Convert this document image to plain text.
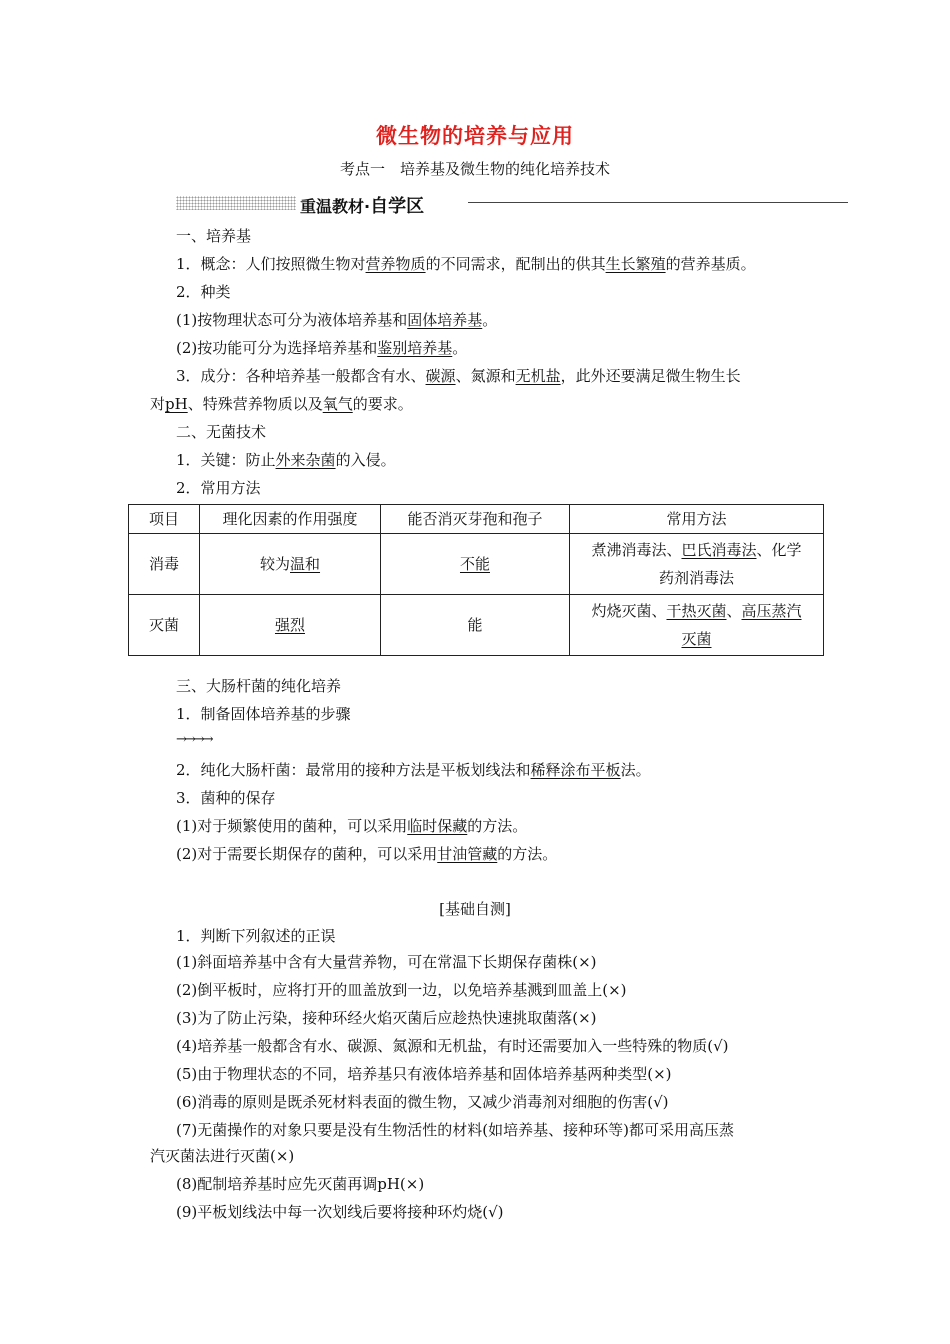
微生物的培养与应用
考点一　培养基及微生物的纯化培养技术
重温教材·自学区
一、培养基
1．概念：人们按照微生物对营养物质的不同需求，配制出的供其生长繁殖的营养基质。
2．种类
(1)按物理状态可分为液体培养基和固体培养基。
(2)按功能可分为选择培养基和鉴别培养基。
3．成分：各种培养基一般都含有水、碳源、氮源和无机盐，此外还要满足微生物生长
对pH、特殊营养物质以及氧气的要求。
二、无菌技术
1．关键：防止外来杂菌的入侵。
2．常用方法
项目	理化因素的作用强度	能否消灭芽孢和孢子	常用方法
消毒	较为温和	不能	煮沸消毒法、巴氏消毒法、化学
药剂消毒法
灭菌	强烈	能	灼烧灭菌、干热灭菌、高压蒸汽
灭菌
三、大肠杆菌的纯化培养
1．制备固体培养基的步骤
→→→→
2．纯化大肠杆菌：最常用的接种方法是平板划线法和稀释涂布平板法。
3．菌种的保存
(1)对于频繁使用的菌种，可以采用临时保藏的方法。
(2)对于需要长期保存的菌种，可以采用甘油管藏的方法。
[基础自测]
1．判断下列叙述的正误
(1)斜面培养基中含有大量营养物，可在常温下长期保存菌株(×)
(2)倒平板时，应将打开的皿盖放到一边，以免培养基溅到皿盖上(×)
(3)为了防止污染，接种环经火焰灭菌后应趁热快速挑取菌落(×)
(4)培养基一般都含有水、碳源、氮源和无机盐，有时还需要加入一些特殊的物质(√)
(5)由于物理状态的不同，培养基只有液体培养基和固体培养基两种类型(×)
(6)消毒的原则是既杀死材料表面的微生物，又减少消毒剂对细胞的伤害(√)
(7)无菌操作的对象只要是没有生物活性的材料(如培养基、接种环等)都可采用高压蒸
汽灭菌法进行灭菌(×)
(8)配制培养基时应先灭菌再调pH(×)
(9)平板划线法中每一次划线后要将接种环灼烧(√)
